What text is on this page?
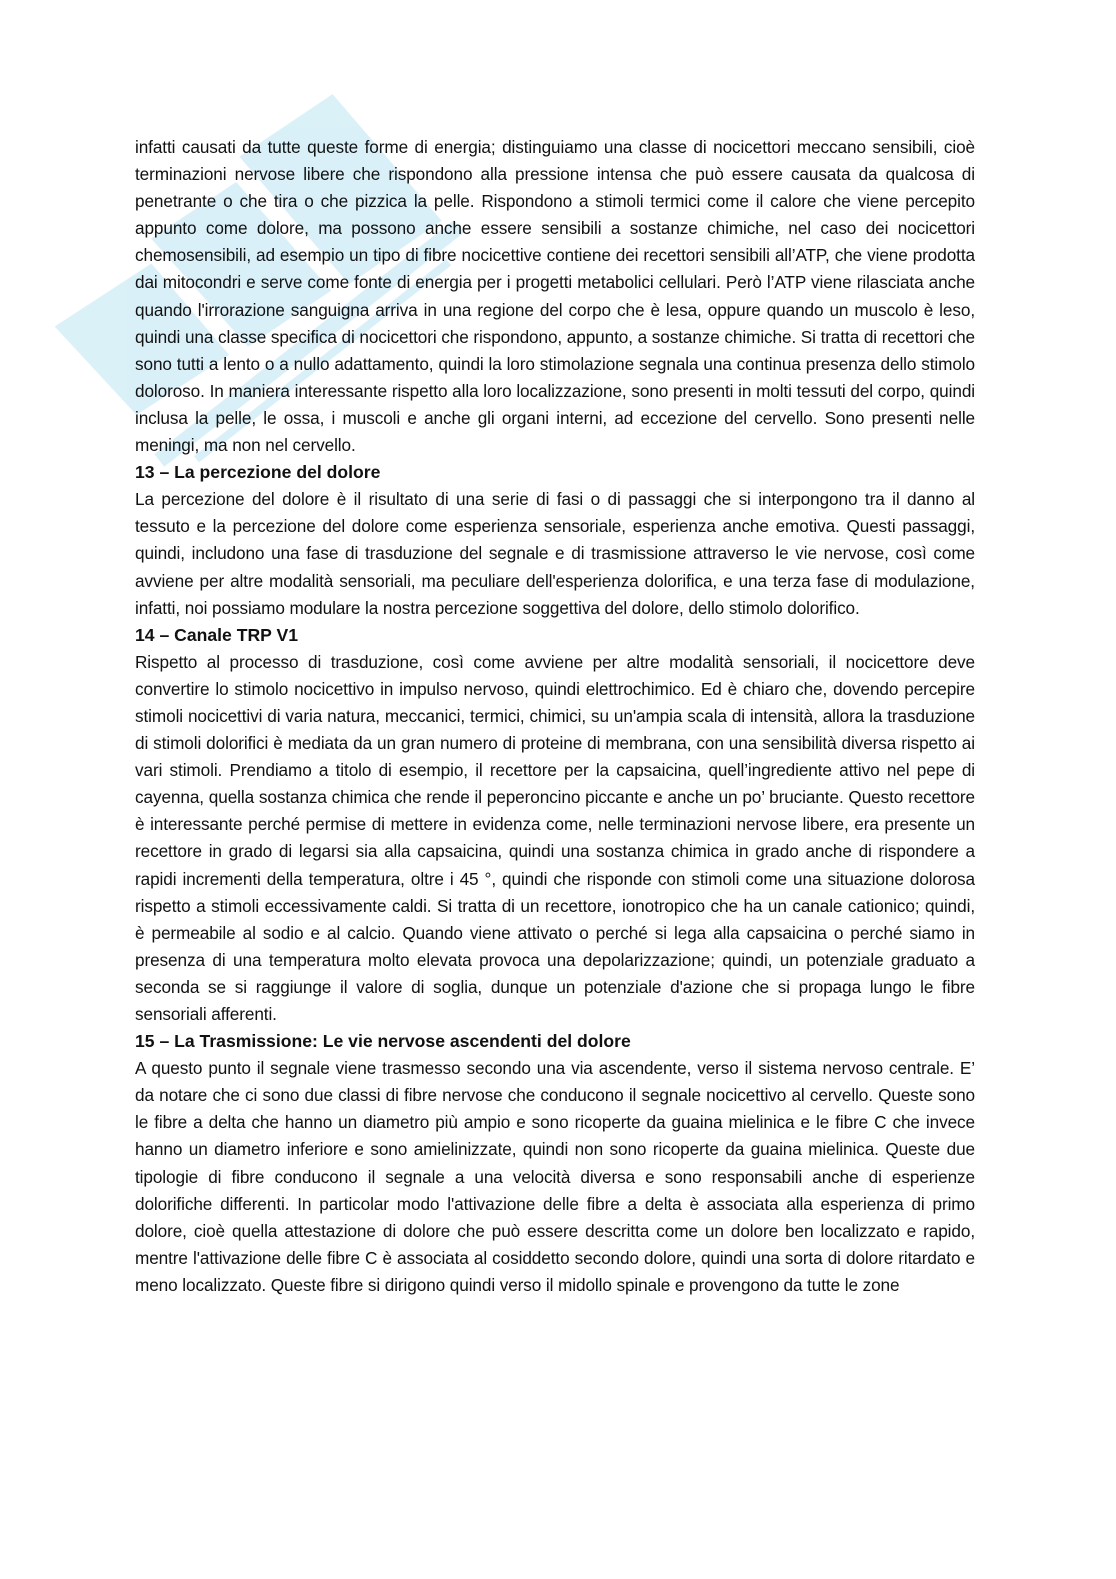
infatti causati da tutte queste forme di energia; distinguiamo una classe di nocicettori meccano sensibili, cioè terminazioni nervose libere che rispondono alla pressione intensa che può essere causata da qualcosa di penetrante o che tira o che pizzica la pelle. Rispondono a stimoli termici come il calore che viene percepito appunto come dolore, ma possono anche essere sensibili a sostanze chimiche, nel caso dei nocicettori chemosensibili, ad esempio un tipo di fibre nocicettive contiene dei recettori sensibili all’ATP, che viene prodotta dai mitocondri e serve come fonte di energia per i progetti metabolici cellulari. Però l’ATP viene rilasciata anche quando l'irrorazione sanguigna arriva in una regione del corpo che è lesa, oppure quando un muscolo è leso, quindi una classe specifica di nocicettori che rispondono, appunto, a sostanze chimiche. Si tratta di recettori che sono tutti a lento o a nullo adattamento, quindi la loro stimolazione segnala una continua presenza dello stimolo doloroso. In maniera interessante rispetto alla loro localizzazione, sono presenti in molti tessuti del corpo, quindi inclusa la pelle, le ossa, i muscoli e anche gli organi interni, ad eccezione del cervello. Sono presenti nelle meningi, ma non nel cervello.

13 – La percezione del dolore

La percezione del dolore è il risultato di una serie di fasi o di passaggi che si interpongono tra il danno al tessuto e la percezione del dolore come esperienza sensoriale, esperienza anche emotiva. Questi passaggi, quindi, includono una fase di trasduzione del segnale e di trasmissione attraverso le vie nervose, così come avviene per altre modalità sensoriali, ma peculiare dell'esperienza dolorifica, e una terza fase di modulazione, infatti, noi possiamo modulare la nostra percezione soggettiva del dolore, dello stimolo dolorifico.

14 – Canale TRP V1

Rispetto al processo di trasduzione, così come avviene per altre modalità sensoriali, il nocicettore deve convertire lo stimolo nocicettivo in impulso nervoso, quindi elettrochimico. Ed è chiaro che, dovendo percepire stimoli nocicettivi di varia natura, meccanici, termici, chimici, su un'ampia scala di intensità, allora la trasduzione di stimoli dolorifici è mediata da un gran numero di proteine di membrana, con una sensibilità diversa rispetto ai vari stimoli. Prendiamo a titolo di esempio, il recettore per la capsaicina, quell’ingrediente attivo nel pepe di cayenna, quella sostanza chimica che rende il peperoncino piccante e anche un po’ bruciante. Questo recettore è interessante perché permise di mettere in evidenza come, nelle terminazioni nervose libere, era presente un recettore in grado di legarsi sia alla capsaicina, quindi una sostanza chimica in grado anche di rispondere a rapidi incrementi della temperatura, oltre i 45 °, quindi che risponde con stimoli come una situazione dolorosa rispetto a stimoli eccessivamente caldi. Si tratta di un recettore, ionotropico che ha un canale cationico; quindi, è permeabile al sodio e al calcio. Quando viene attivato o perché si lega alla capsaicina o perché siamo in presenza di una temperatura molto elevata provoca una depolarizzazione; quindi, un potenziale graduato a seconda se si raggiunge il valore di soglia, dunque un potenziale d'azione che si propaga lungo le fibre sensoriali afferenti.

15 – La Trasmissione: Le vie nervose ascendenti del dolore

A questo punto il segnale viene trasmesso secondo una via ascendente, verso il sistema nervoso centrale. E’ da notare che ci sono due classi di fibre nervose che conducono il segnale nocicettivo al cervello. Queste sono le fibre a delta che hanno un diametro più ampio e sono ricoperte da guaina mielinica e le fibre C che invece hanno un diametro inferiore e sono amielinizzate, quindi non sono ricoperte da guaina mielinica. Queste due tipologie di fibre conducono il segnale a una velocità diversa e sono responsabili anche di esperienze dolorifiche differenti. In particolar modo l'attivazione delle fibre a delta è associata alla esperienza di primo dolore, cioè quella attestazione di dolore che può essere descritta come un dolore ben localizzato e rapido, mentre l'attivazione delle fibre C è associata al cosiddetto secondo dolore, quindi una sorta di dolore ritardato e meno localizzato. Queste fibre si dirigono quindi verso il midollo spinale e provengono da tutte le zone
